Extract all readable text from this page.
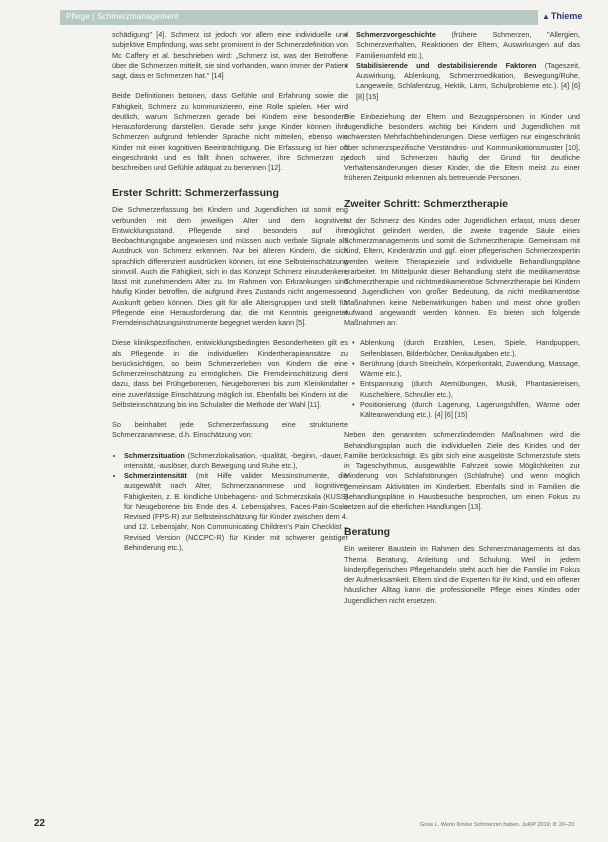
Pflege | Schmerzmanagement	▲Thieme

schädigung" [4]. Schmerz ist jedoch vor allem eine individuelle und subjektive Empfindung, was sehr prominent in der Schmerzdefinition von Mc Caffery et al. beschrieben wird: „Schmerz ist, was der Betroffene über die Schmerzen mitteilt, sie sind vorhanden, wann immer der Patient sagt, dass er Schmerzen hat." [14]

Beide Definitionen betonen, dass Gefühle und Erfahrung sowie die Fähigkeit, Schmerz zu kommunizieren, eine Rolle spielen. Hier wird deutlich, warum Schmerzen gerade bei Kindern eine besondere Herausforderung darstellen. Gerade sehr junge Kinder können ihre Schmerzen aufgrund fehlender Sprache nicht mitteilen, ebenso wie Kinder mit einer kognitiven Beeinträchtigung. Die Erfassung ist hier oft eingeschränkt und es fällt ihnen schwerer, ihre Schmerzen zu beschreiben und Gefühle adäquat zu benennen [12].

Erster Schritt: Schmerzerfassung

Die Schmerzerfassung bei Kindern und Jugendlichen ist somit eng verbunden mit dem jeweiligen Alter und dem kognitiven Entwicklungsstand. Pflegende sind besonders auf ihre Beobachtungsgabe angewiesen und müssen auch verbale Signale als Ausdruck von Schmerz erkennen. Nur bei älteren Kindern, die sich sprachlich differenziert ausdrücken können, ist eine Selbsteinschätzung sinnvoll. Auch die Fähigkeit, sich in das Konzept Schmerz einzudenken, lässt mit zunehmendem Alter zu. Im Rahmen von Erkrankungen sind häufig Kinder betroffen, die aufgrund ihres Zustands nicht angemessen Auskunft geben können. Dies gilt für alle Altersgruppen und stellt für Pflegende eine Herausforderung dar, die mit Kenntnis geeigneter Fremdeinschätzungsinstrumente begegnet werden kann [5].

Diese klinikspezifischen, entwicklungsbedingten Besonderheiten gilt es als Pflegende in die individuellen Kindertherapieansätze zu berücksichtigen, so beim Schmerzerleben von Kindern die eine Schmerzeinschätzung zu ermöglichen. Die Fremdeinschätzung dient dazu, dass bei Frühgeborenen, Neugeborenen bis zum Kleinkindalter eine zuverlässige Einschätzung möglich ist. Ebenfalls bei Kindern ist die Selbsteinschätzung bis ins Schulalter die Methode der Wahl [11].

So beinhaltet jede Schmerzerfassung eine strukturierte Schmerzanamnese, d.h. Einschätzung von:

• Schmerzsituation (Schmerzlokalisation, -qualität, -beginn, -dauer, -intensität, -auslöser, durch Bewegung und Ruhe etc.),
• Schmerzintensität (mit Hilfe valider Messinstrumente, die ausgewählt nach Alter, Schmerzanamnese und kognitiven Fähigkeiten, z. B. kindliche Unbehagens- und Schmerzskala (KUSS) für Neugeborene bis Ende des 4. Lebensjahres, Faces-Pain-Scale Revised (FPS-R) zur Selbsteinschätzung für Kinder zwischen dem 4. und 12. Lebensjahr, Non Communicating Children's Pain Checklist – Revised Version (NCCPC-R) für Kinder mit schwerer geistiger Behinderung etc.),
• Schmerzvorgeschichte (frühere Schmerzen, "Allergien, Schmerzverhalten, Reaktionen der Eltern, Auswirkungen auf das Familienumfeld etc.),
• Stabilisierende und destabilisierende Faktoren (Tageszeit, Auswirkung, Ablenkung, Schmerzmedikation, Bewegung/Ruhe, Langeweile, Schlafentzug, Hektik, Lärm, Schulprobleme etc.). [4] [6] [8] [15]

Die Einbeziehung der Eltern und Bezugspersonen in Kinder und Jugendliche besonders wichtig bei Kindern und Jugendlichen mit schwersten Mehrfachbehinderungen. Diese verfügen nur eingeschränkt über schmerzspezifische Verständnis- und Kommunikationsmuster [10], jedoch sind Schmerzen häufig der Grund für deutliche Verhaltensänderungen dieser Kinder, die die Eltern meist zu einer früheren Zeitpunkt erkennen als betreuende Personen.

Zweiter Schritt: Schmerztherapie

Ist der Schmerz des Kindes oder Jugendlichen erfasst, muss dieser möglichst gelindert werden, die zweite tragende Säule eines Schmerzmanagements und somit die Schmerztherapie. Gemeinsam mit Kind, Eltern, Kinderärztin und ggf. einer pflegerischen Schmerzexpertin werden weitere Therapieziele und individuelle Behandlungspläne erarbeitet. Im Mittelpunkt dieser Behandlung steht die medikamentöse Schmerztherapie und nichtmedikamentöse Schmerztherapie bei Kindern und Jugendlichen von großer Bedeutung, da nicht medikamentöse Maßnahmen keine Nebenwirkungen haben und meist ohne großen Aufwand angewandt werden können. Es bieten sich folgende Maßnahmen an:

• Ablenkung (durch Erzählen, Lesen, Spiele, Handpuppen, Seifenblasen, Bilderbücher, Denkaufgaben etc.),
• Berührung (durch Streicheln, Körperkontakt, Zuwendung, Massage, Wärme etc.),
• Entspannung (durch Atemübungen, Musik, Phantasiereisen, Kuscheltiere, Schnuller etc.),
• Positionierung (durch Lagerung, Lagerungshilfen, Wärme oder Kälteanwendung etc.). [4] [6] [15]

Neben den genannten schmerzlindernden Maßnahmen wird die Behandlungsplan auch die individuellen Ziele des Kindes und der Familie berücksichtigt. Es gibt sich eine ausgelöste Schmerzstufe stets in Tageschythmus, ausgewählte Fahrzeit sowie Möglichkeiten zur Minderung von Schlafstörungen (Schlafruhe) und wenn möglich gemeinsam Aktivitäten im Kinderbett. Ebenfalls sind in Familien die Behandlungspläne in Hausbesuche besprochen, um einen Fokus zu setzen auf die elterlichen Handlungen [13].

Beratung

Ein weiterer Baustein im Rahmen des Schmerzmanagements ist das Thema Beratung, Anleitung und Schulung. Weil in jedem kinderpflegerischen Pflegehandeln steht auch hier die Familie im Fokus der Aufmerksamkeit. Eltern sind die Experten für ihr Kind, und ein offener häuslicher Alltag kann die professionelle Pflege eines Kindes oder Jugendlichen nicht ersetzen.

22	Gose L. Wenn Kinder Schmerzen haben. JuKiP 2019; 8: 20–23
